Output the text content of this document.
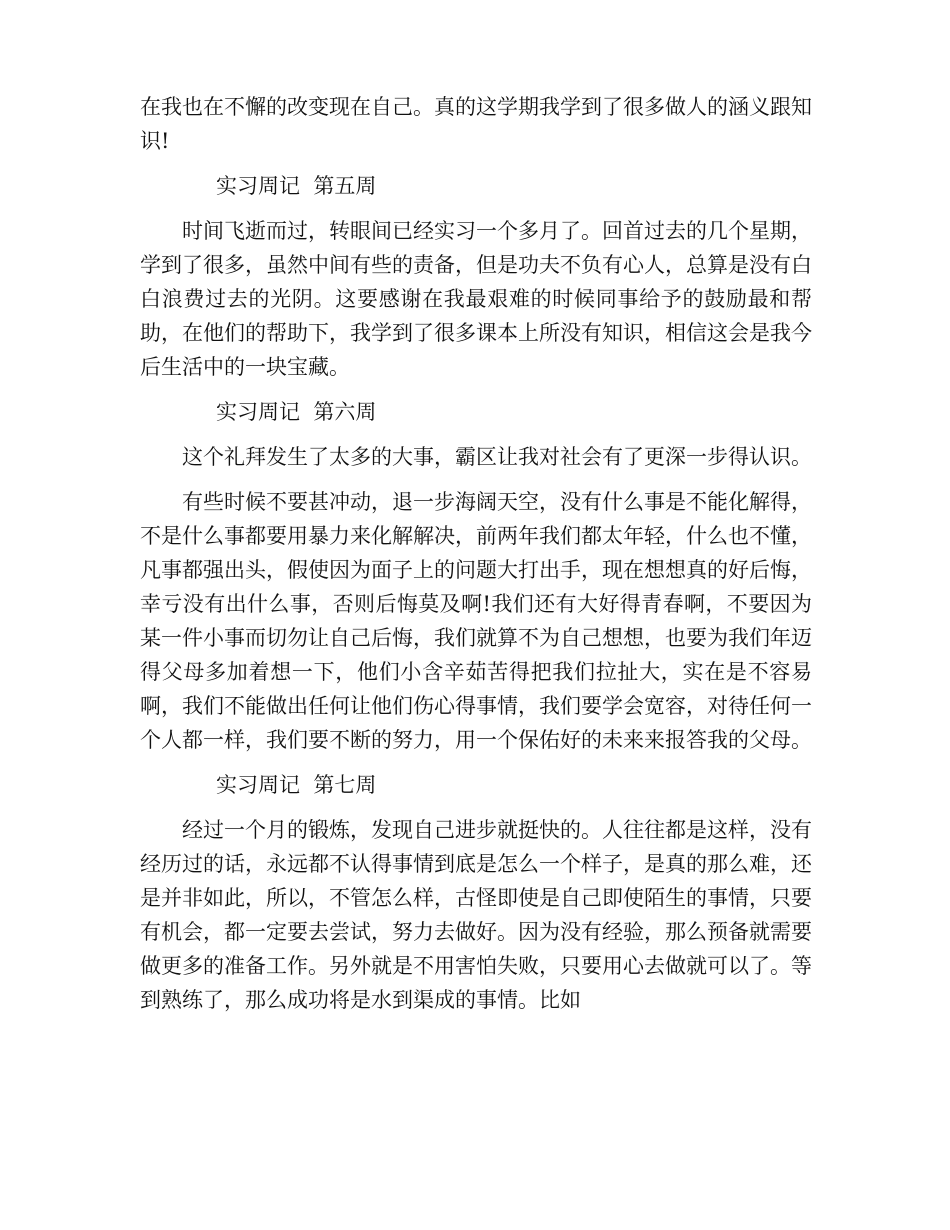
在我也在不懈的改变现在自己。真的这学期我学到了很多做人的涵义跟知识!

实习周记  第五周

时间飞逝而过，转眼间已经实习一个多月了。回首过去的几个星期，学到了很多，虽然中间有些的责备，但是功夫不负有心人，总算是没有白白浪费过去的光阴。这要感谢在我最艰难的时候同事给予的鼓励最和帮助，在他们的帮助下，我学到了很多课本上所没有知识，相信这会是我今后生活中的一块宝藏。

实习周记  第六周

这个礼拜发生了太多的大事，霸区让我对社会有了更深一步得认识。

有些时候不要甚冲动，退一步海阔天空，没有什么事是不能化解得，不是什么事都要用暴力来化解解决，前两年我们都太年轻，什么也不懂，凡事都强出头，假使因为面子上的问题大打出手，现在想想真的好后悔，幸亏没有出什么事，否则后悔莫及啊!我们还有大好得青春啊，不要因为某一件小事而切勿让自己后悔，我们就算不为自己想想，也要为我们年迈得父母多加着想一下，他们小含辛茹苦得把我们拉扯大，实在是不容易啊，我们不能做出任何让他们伤心得事情，我们要学会宽容，对待任何一个人都一样，我们要不断的努力，用一个保佑好的未来来报答我的父母。

实习周记  第七周

经过一个月的锻炼，发现自己进步就挺快的。人往往都是这样，没有经历过的话，永远都不认得事情到底是怎么一个样子，是真的那么难，还是并非如此，所以，不管怎么样，古怪即使是自己即使陌生的事情，只要有机会，都一定要去尝试，努力去做好。因为没有经验，那么预备就需要做更多的准备工作。另外就是不用害怕失败，只要用心去做就可以了。等到熟练了，那么成功将是水到渠成的事情。比如
